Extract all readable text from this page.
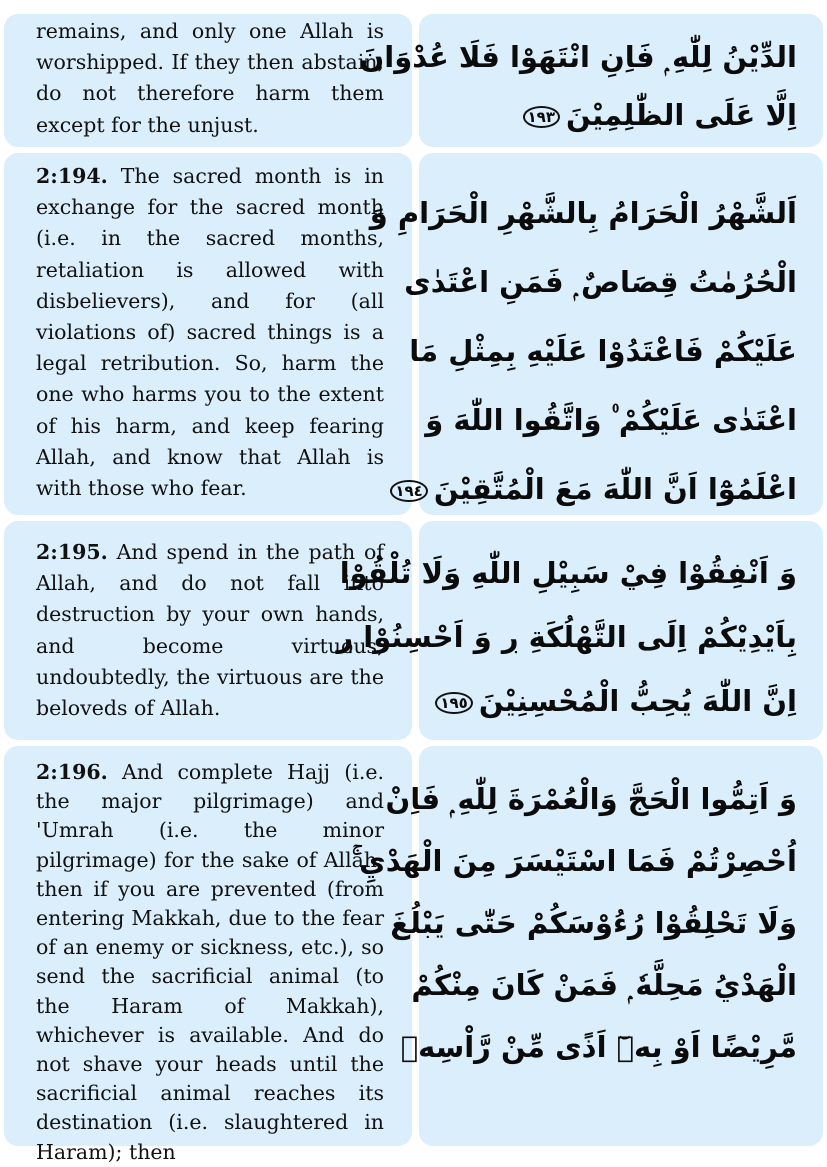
remains, and only one Allah is worshipped. If they then abstain, do not therefore harm them except for the unjust.

الدِّيْنُ لِلّٰهِ ۭ فَاِنِ انْتَهَوْا فَلَا عُدْوَانَ
اِلَّا عَلَى الظّٰلِمِيْنَ١٩٣

2:194. The sacred month is in exchange for the sacred month (i.e. in the sacred months, retaliation is allowed with disbelievers), and for (all violations of) sacred things is a legal retribution. So, harm the one who harms you to the extent of his harm, and keep fearing Allah, and know that Allah is with those who fear.

اَلشَّهْرُ الْحَرَامُ بِالشَّهْرِ الْحَرَامِ وَ
الْحُرُمٰتُ قِصَاصٌ ۭ فَمَنِ اعْتَدٰى
عَلَيْكُمْ فَاعْتَدُوْا عَلَيْهِ بِمِثْلِ مَا
اعْتَدٰى عَلَيْكُمْ ۠ وَاتَّقُوا اللّٰهَ وَ
اعْلَمُوْٓا اَنَّ اللّٰهَ مَعَ الْمُتَّقِيْنَ١٩٤

2:195. And spend in the path of Allah, and do not fall into destruction by your own hands, and become virtuous; undoubtedly, the virtuous are the beloveds of Allah.

وَ اَنْفِقُوْا فِيْ سَبِيْلِ اللّٰهِ وَلَا تُلْقُوْا
بِاَيْدِيْكُمْ اِلَى التَّهْلُكَةِ ڔ وَ اَحْسِنُوْا ڔ
اِنَّ اللّٰهَ يُحِبُّ الْمُحْسِنِيْنَ١٩٥

2:196. And complete Hajj (i.e. the major pilgrimage) and 'Umrah (i.e. the minor pilgrimage) for the sake of Allah; then if you are prevented (from entering Makkah, due to the fear of an enemy or sickness, etc.), so send the sacrificial animal (to the Haram of Makkah), whichever is available. And do not shave your heads until the sacrificial animal reaches its destination (i.e. slaughtered in Haram); then

وَ اَتِمُّوا الْحَجَّ وَالْعُمْرَةَ لِلّٰهِ ۭ فَاِنْ
اُحْصِرْتُمْ فَمَا اسْتَيْسَرَ مِنَ الْهَدْيِ ۚ
وَلَا تَحْلِقُوْا رُءُوْسَكُمْ حَتّٰى يَبْلُغَ
الْهَدْيُ مَحِلَّهٗ ۭ فَمَنْ كَانَ مِنْكُمْ
مَّرِيْضًا اَوْ بِهٖٓ اَذًى مِّنْ رَّاْسِهٖ
